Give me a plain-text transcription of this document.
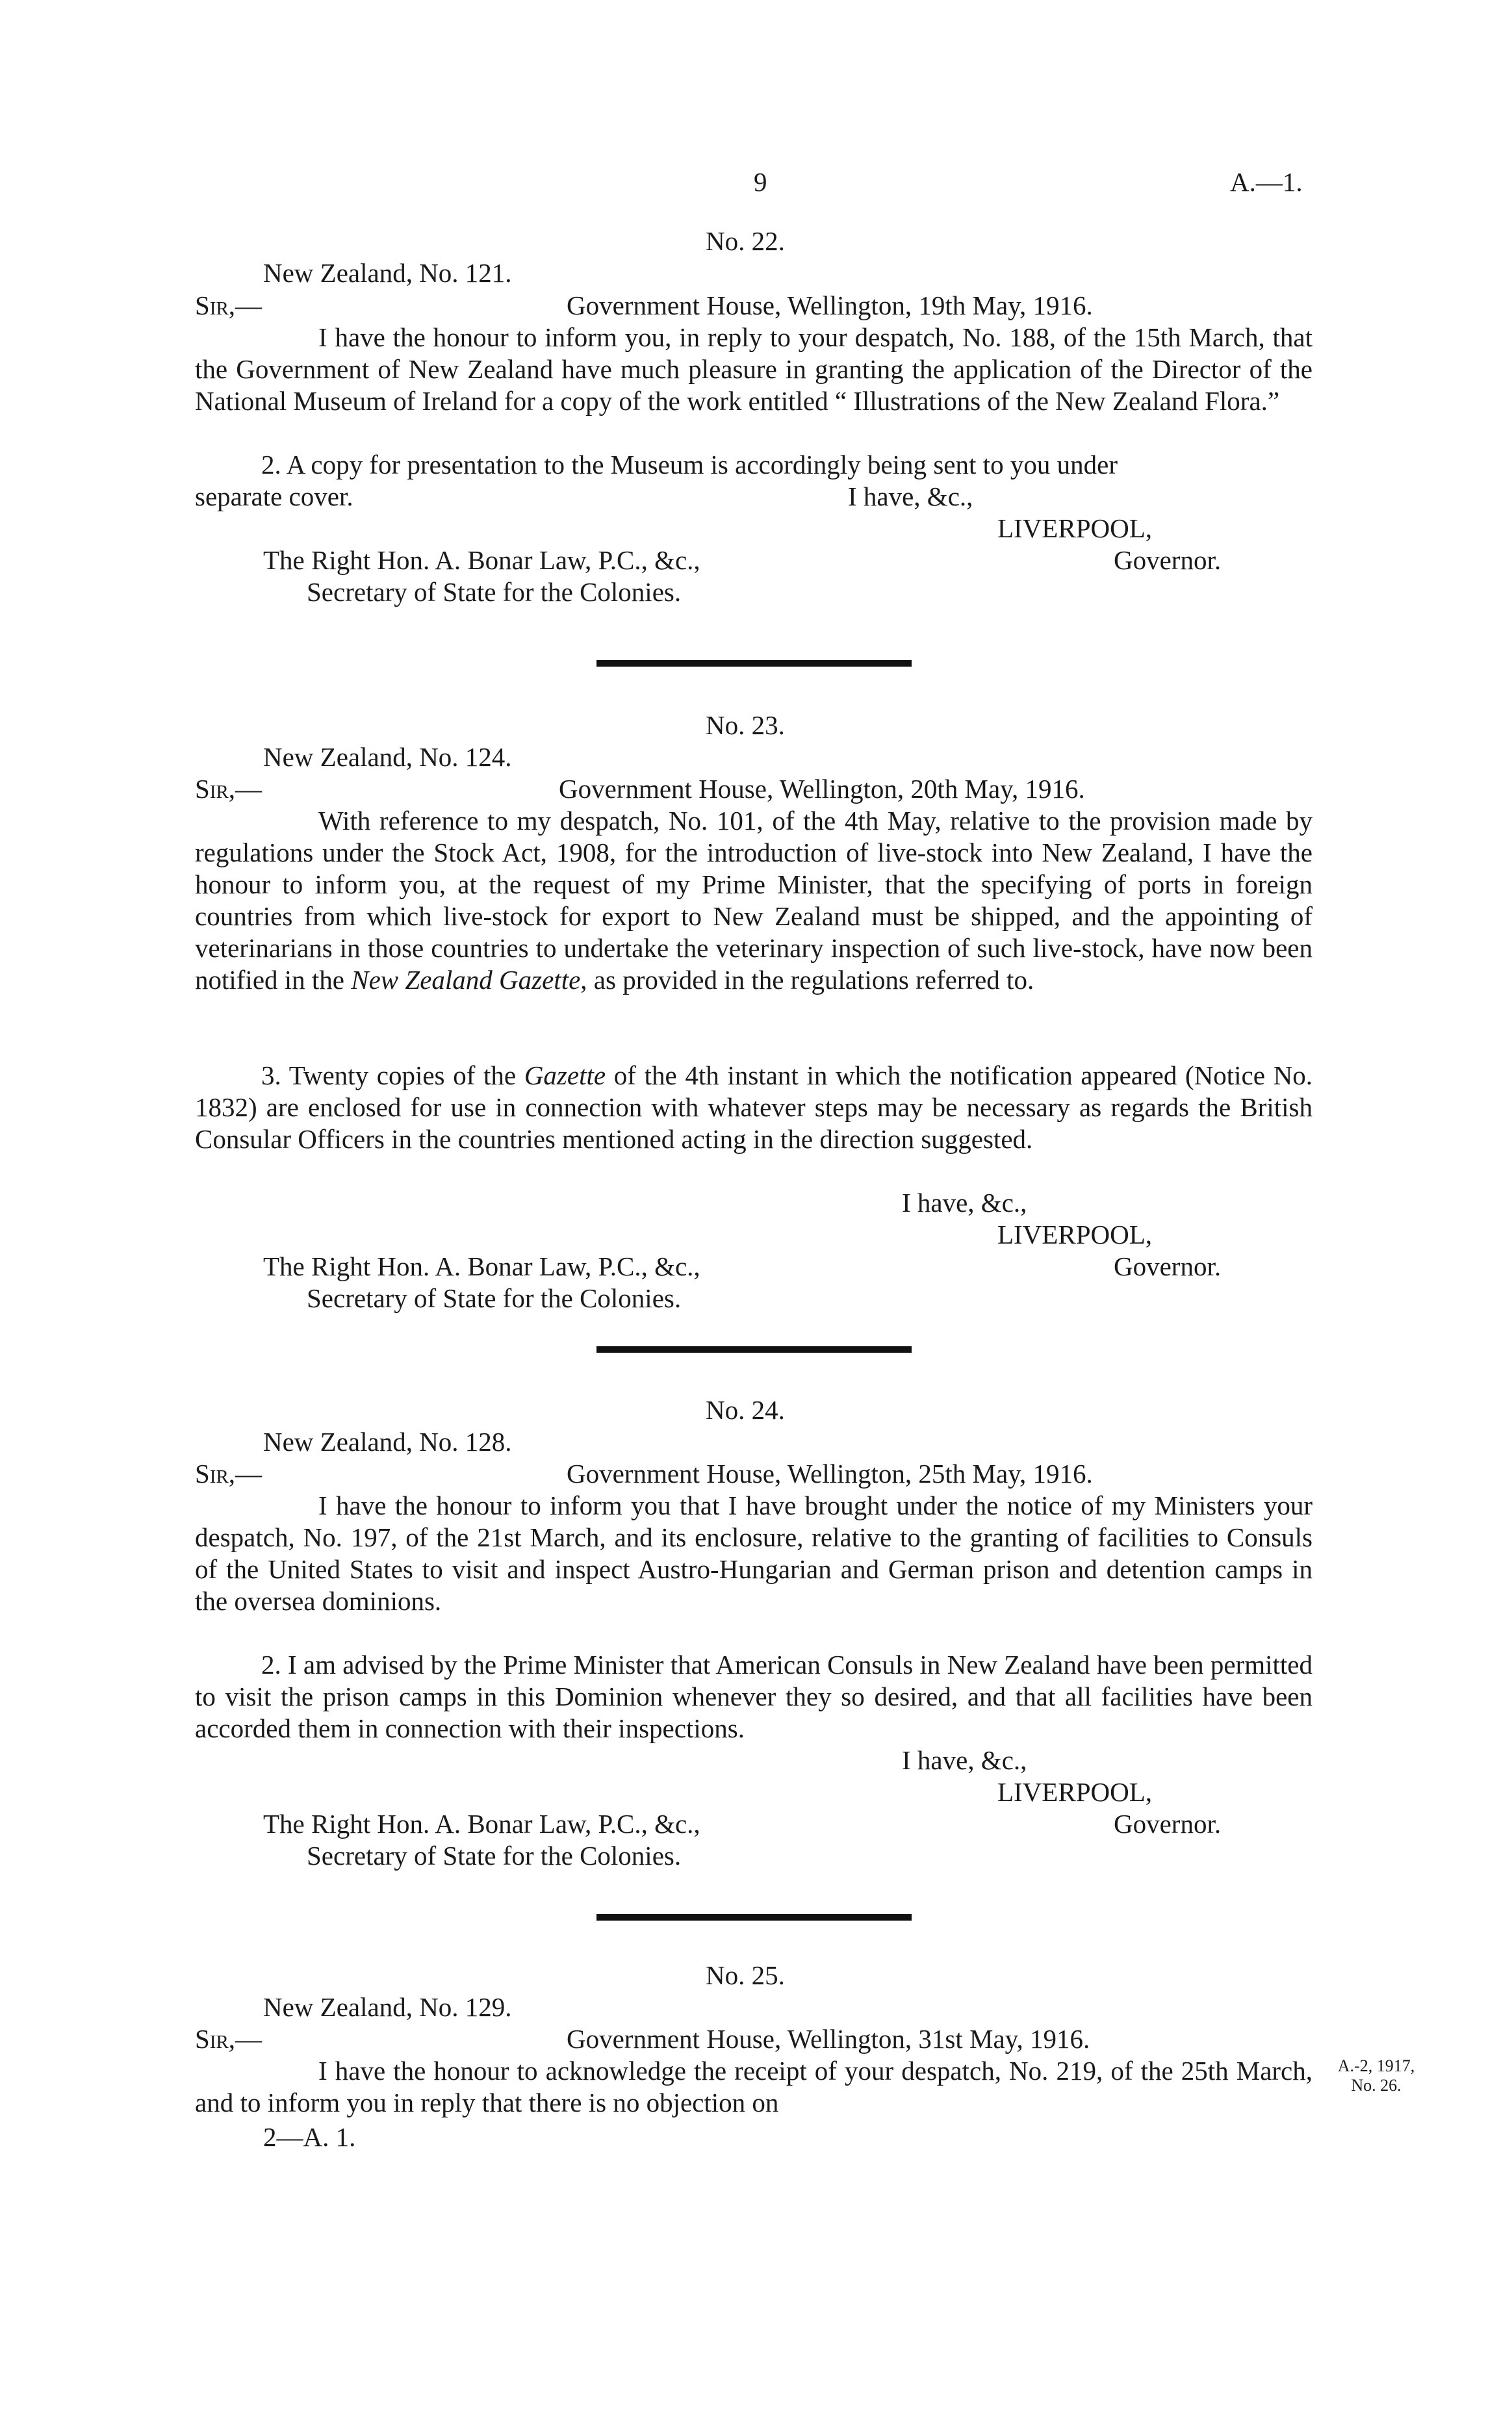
9	A.—1.
No. 22.
New Zealand, No. 121.
Sir,—	Government House, Wellington, 19th May, 1916.
I have the honour to inform you, in reply to your despatch, No. 188, of the 15th March, that the Government of New Zealand have much pleasure in granting the application of the Director of the National Museum of Ireland for a copy of the work entitled “ Illustrations of the New Zealand Flora.”
2. A copy for presentation to the Museum is accordingly being sent to you under separate cover.	I have, &c.,
LIVERPOOL,
The Right Hon. A. Bonar Law, P.C., &c.,	Governor.
Secretary of State for the Colonies.
No. 23.
New Zealand, No. 124.
Sir,—	Government House, Wellington, 20th May, 1916.
With reference to my despatch, No. 101, of the 4th May, relative to the provision made by regulations under the Stock Act, 1908, for the introduction of live-stock into New Zealand, I have the honour to inform you, at the request of my Prime Minister, that the specifying of ports in foreign countries from which live-stock for export to New Zealand must be shipped, and the appointing of veterinarians in those countries to undertake the veterinary inspection of such live-stock, have now been notified in the New Zealand Gazette, as provided in the regulations referred to.
3. Twenty copies of the Gazette of the 4th instant in which the notification appeared (Notice No. 1832) are enclosed for use in connection with whatever steps may be necessary as regards the British Consular Officers in the countries mentioned acting in the direction suggested.
I have, &c.,
LIVERPOOL,
The Right Hon. A. Bonar Law, P.C., &c.,	Governor.
Secretary of State for the Colonies.
No. 24.
New Zealand, No. 128.
Sir,—	Government House, Wellington, 25th May, 1916.
I have the honour to inform you that I have brought under the notice of my Ministers your despatch, No. 197, of the 21st March, and its enclosure, relative to the granting of facilities to Consuls of the United States to visit and inspect Austro-Hungarian and German prison and detention camps in the oversea dominions.
2. I am advised by the Prime Minister that American Consuls in New Zealand have been permitted to visit the prison camps in this Dominion whenever they so desired, and that all facilities have been accorded them in connection with their inspections.
I have, &c.,
LIVERPOOL,
The Right Hon. A. Bonar Law, P.C., &c.,	Governor.
Secretary of State for the Colonies.
No. 25.
New Zealand, No. 129.
Sir,—	Government House, Wellington, 31st May, 1916.
I have the honour to acknowledge the receipt of your despatch, No. 219, of the 25th March, and to inform you in reply that there is no objection on
A.-2, 1917,
No. 26.
2—A. 1.
